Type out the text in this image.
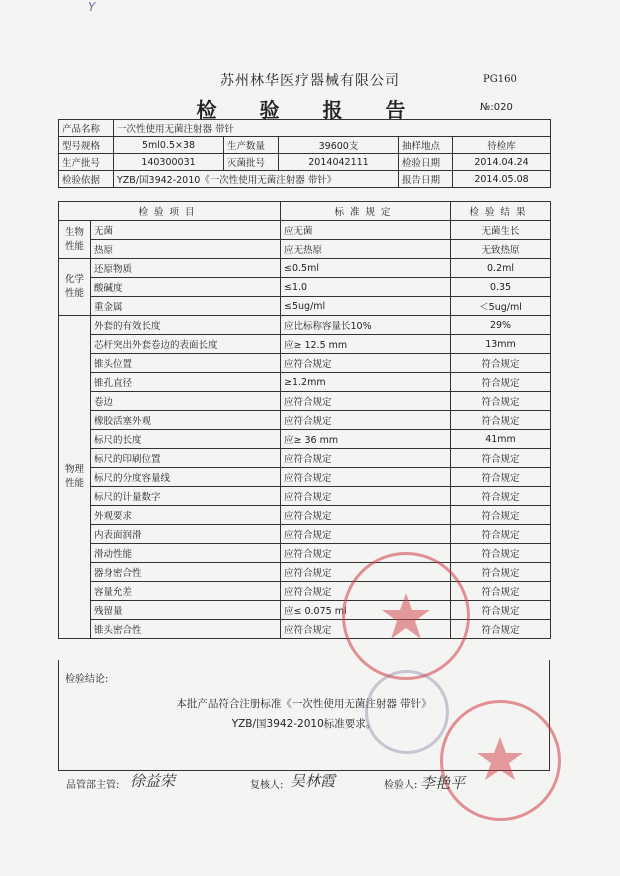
Y
苏州林华医疗器械有限公司	PG160
检 验 报 告	№:020
产品名称	一次性使用无菌注射器 带针				
型号规格	5ml0.5×38	生产数量	39600支	抽样地点	待检库
生产批号	140300031	灭菌批号	2014042111	检验日期	2014.04.24
检验依据	YZB/国3942-2010《一次性使用无菌注射器 带针》			报告日期	2014.05.08
检验项目		标准规定	检验结果
生物性能	无菌	应无菌	无菌生长
	热原	应无热原	无致热原
化学性能	还原物质	≤0.5ml	0.2ml
	酸碱度	≤1.0	0.35
	重金属	≤5ug/ml	＜5ug/ml
物理性能	外套的有效长度	应比标称容量长10%	29%
	芯杆突出外套卷边的表面长度	应≥ 12.5 mm	13mm
	锥头位置	应符合规定	符合规定
	锥孔直径	≥1.2mm	符合规定
	卷边	应符合规定	符合规定
	橡胶活塞外观	应符合规定	符合规定
	标尺的长度	应≥ 36 mm	41mm
	标尺的印刷位置	应符合规定	符合规定
	标尺的分度容量线	应符合规定	符合规定
	标尺的计量数字	应符合规定	符合规定
	外观要求	应符合规定	符合规定
	内表面润滑	应符合规定	符合规定
	滑动性能	应符合规定	符合规定
	器身密合性	应符合规定	符合规定
	容量允差	应符合规定	符合规定
	残留量	应≤ 0.075 ml	符合规定
	锥头密合性	应符合规定	符合规定
检验结论:
本批产品符合注册标准《一次性使用无菌注射器 带针》
YZB/国3942-2010标准要求。
品管部主管: 徐益荣	复核人: 吴林霞	检验人: 李艳平
